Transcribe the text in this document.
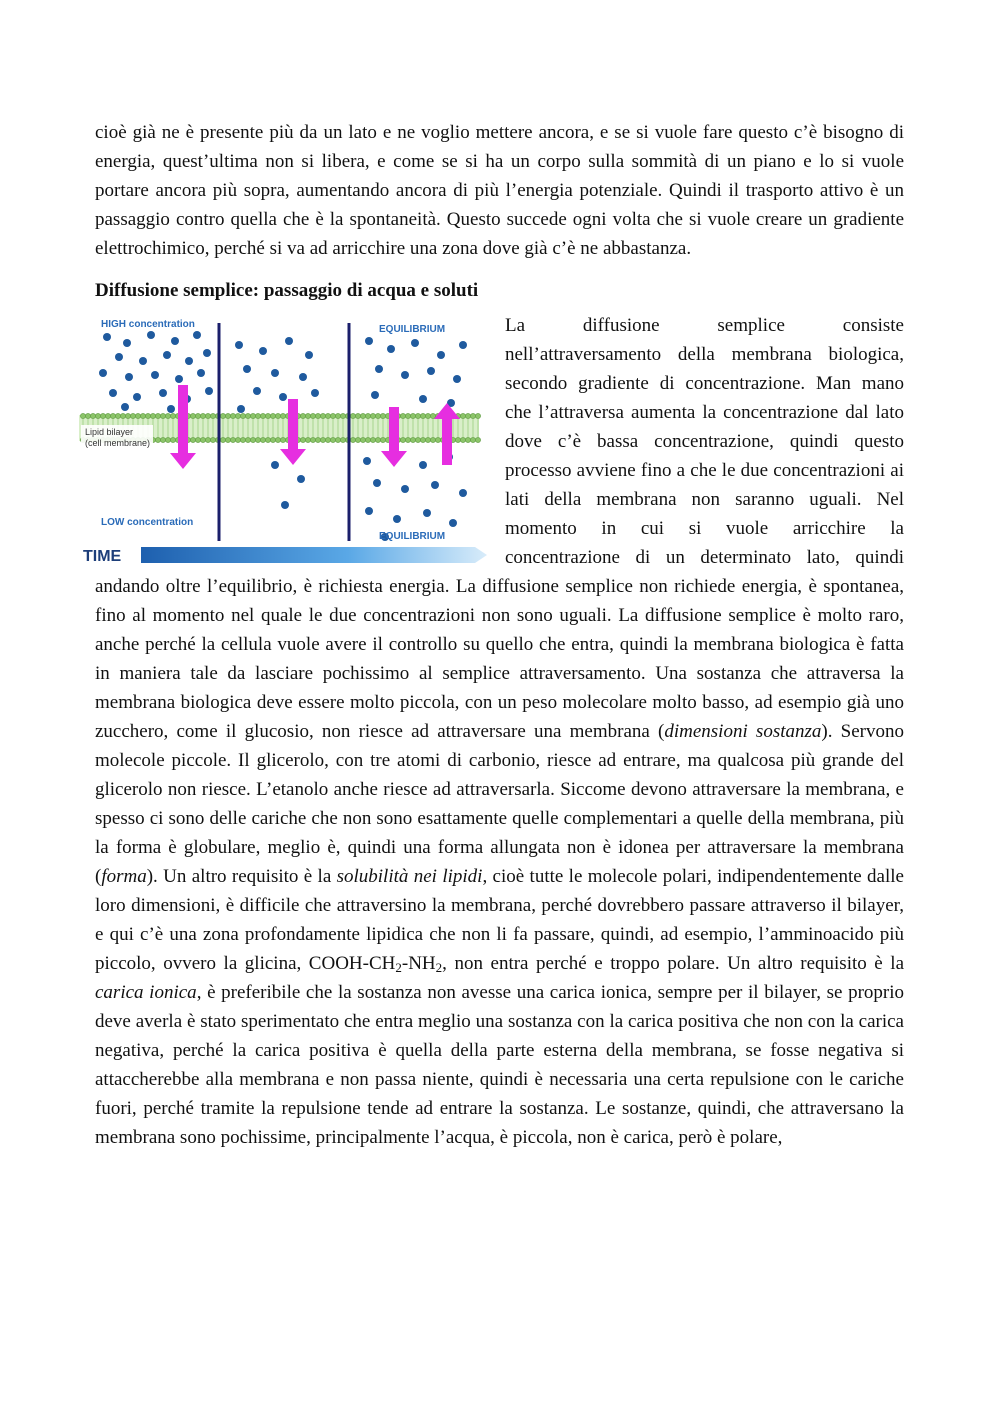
cioè già ne è presente più da un lato e ne voglio mettere ancora, e se si vuole fare questo c’è bisogno di energia, quest’ultima non si libera, e come se si ha un corpo sulla sommità di un piano e lo si vuole portare ancora più sopra, aumentando ancora di più l’energia potenziale. Quindi il trasporto attivo è un passaggio contro quella che è la spontaneità. Questo succede ogni volta che si vuole creare un gradiente elettrochimico, perché si va ad arricchire una zona dove già c’è ne abbastanza.

Diffusione semplice: passaggio di acqua e soluti

HIGH concentration	EQUILIBRIUM
Lipid bilayer
(cell membrane)
LOW concentration
EQUILIBRIUM
TIME

La diffusione semplice consiste nell’attraversamento della membrana biologica, secondo gradiente di concentrazione. Man mano che l’attraversa aumenta la concentrazione dal lato dove c’è bassa concentrazione, quindi questo processo avviene fino a che le due concentrazioni ai lati della membrana non saranno uguali. Nel momento in cui si vuole arricchire la concentrazione di un determinato lato, quindi andando oltre l’equilibrio, è richiesta energia. La diffusione semplice non richiede energia, è spontanea, fino al momento nel quale le due concentrazioni non sono uguali. La diffusione semplice è molto raro, anche perché la cellula vuole avere il controllo su quello che entra, quindi la membrana biologica è fatta in maniera tale da lasciare pochissimo al semplice attraversamento. Una sostanza che attraversa la membrana biologica deve essere molto piccola, con un peso molecolare molto basso, ad esempio già uno zucchero, come il glucosio, non riesce ad attraversare una membrana (dimensioni sostanza). Servono molecole piccole. Il glicerolo, con tre atomi di carbonio, riesce ad entrare, ma qualcosa più grande del glicerolo non riesce. L’etanolo anche riesce ad attraversarla. Siccome devono attraversare la membrana, e spesso ci sono delle cariche che non sono esattamente quelle complementari a quelle della membrana, più la forma è globulare, meglio è, quindi una forma allungata non è idonea per attraversare la membrana (forma). Un altro requisito è la solubilità nei lipidi, cioè tutte le molecole polari, indipendentemente dalle loro dimensioni, è difficile che attraversino la membrana, perché dovrebbero passare attraverso il bilayer, e qui c’è una zona profondamente lipidica che non li fa passare, quindi, ad esempio, l’amminoacido più piccolo, ovvero la glicina, COOH-$CH_2-NH_2$, non entra perché e troppo polare. Un altro requisito è la carica ionica, è preferibile che la sostanza non avesse una carica ionica, sempre per il bilayer, se proprio deve averla è stato sperimentato che entra meglio una sostanza con la carica positiva che non con la carica negativa, perché la carica positiva è quella della parte esterna della membrana, se fosse negativa si attaccherebbe alla membrana e non passa niente, quindi è necessaria una certa repulsione con le cariche fuori, perché tramite la repulsione tende ad entrare la sostanza. Le sostanze, quindi, che attraversano la membrana sono pochissime, principalmente l’acqua, è piccola, non è carica, però è polare,
